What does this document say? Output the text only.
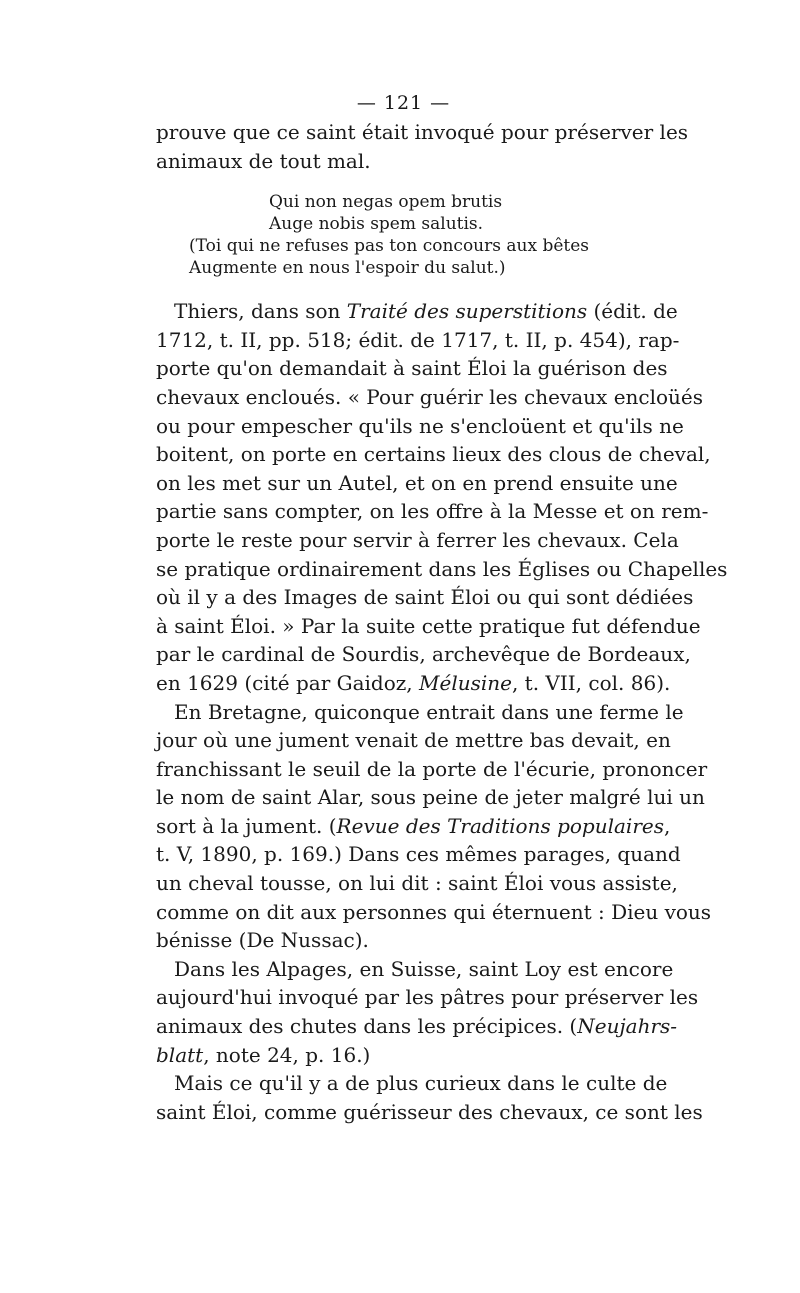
— 121 —
prouve que ce saint était invoqué pour préserver les
animaux de tout mal.
Qui non negas opem brutis
Auge nobis spem salutis.
(Toi qui ne refuses pas ton concours aux bêtes
Augmente en nous l'espoir du salut.)
Thiers, dans son Traité des superstitions (édit. de
1712, t. II, pp. 518; édit. de 1717, t. II, p. 454), rap-
porte qu'on demandait à saint Éloi la guérison des
chevaux encloués. « Pour guérir les chevaux encloüés
ou pour empescher qu'ils ne s'encloüent et qu'ils ne
boitent, on porte en certains lieux des clous de cheval,
on les met sur un Autel, et on en prend ensuite une
partie sans compter, on les offre à la Messe et on rem-
porte le reste pour servir à ferrer les chevaux. Cela
se pratique ordinairement dans les Églises ou Chapelles
où il y a des Images de saint Éloi ou qui sont dédiées
à saint Éloi. » Par la suite cette pratique fut défendue
par le cardinal de Sourdis, archevêque de Bordeaux,
en 1629 (cité par Gaidoz, Mélusine, t. VII, col. 86).
En Bretagne, quiconque entrait dans une ferme le
jour où une jument venait de mettre bas devait, en
franchissant le seuil de la porte de l'écurie, prononcer
le nom de saint Alar, sous peine de jeter malgré lui un
sort à la jument. (Revue des Traditions populaires,
t. V, 1890, p. 169.) Dans ces mêmes parages, quand
un cheval tousse, on lui dit : saint Éloi vous assiste,
comme on dit aux personnes qui éternuent : Dieu vous
bénisse (De Nussac).
Dans les Alpages, en Suisse, saint Loy est encore
aujourd'hui invoqué par les pâtres pour préserver les
animaux des chutes dans les précipices. (Neujahrs-
blatt, note 24, p. 16.)
Mais ce qu'il y a de plus curieux dans le culte de
saint Éloi, comme guérisseur des chevaux, ce sont les
